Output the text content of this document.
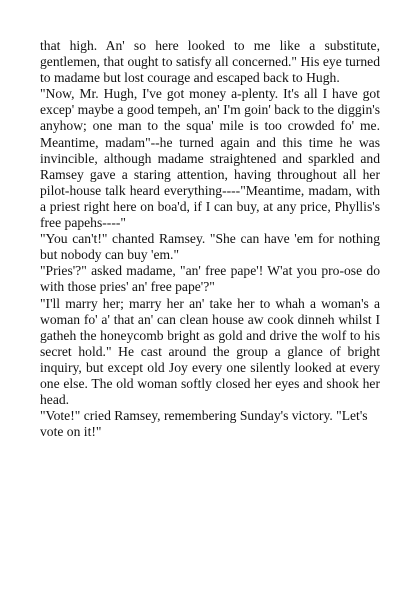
that high. An' so here looked to me like a substitute, gentlemen, that ought to satisfy all concerned." His eye turned to madame but lost courage and escaped back to Hugh.

"Now, Mr. Hugh, I've got money a-plenty. It's all I have got excep' maybe a good tempeh, an' I'm goin' back to the diggin's anyhow; one man to the squa' mile is too crowded fo' me. Meantime, madam"--he turned again and this time he was invincible, although madame straightened and sparkled and Ramsey gave a staring attention, having throughout all her pilot-house talk heard everything----"Meantime, madam, with a priest right here on boa'd, if I can buy, at any price, Phyllis's free papehs----"

"You can't!" chanted Ramsey. "She can have 'em for nothing but nobody can buy 'em."

"Pries'?" asked madame, "an' free pape'! W'at you pro-ose do with those pries' an' free pape'?"

"I'll marry her; marry her an' take her to whah a woman's a woman fo' a' that an' can clean house aw cook dinneh whilst I gatheh the honeycomb bright as gold and drive the wolf to his secret hold." He cast around the group a glance of bright inquiry, but except old Joy every one silently looked at every one else. The old woman softly closed her eyes and shook her head.

"Vote!" cried Ramsey, remembering Sunday's victory. "Let's vote on it!"
